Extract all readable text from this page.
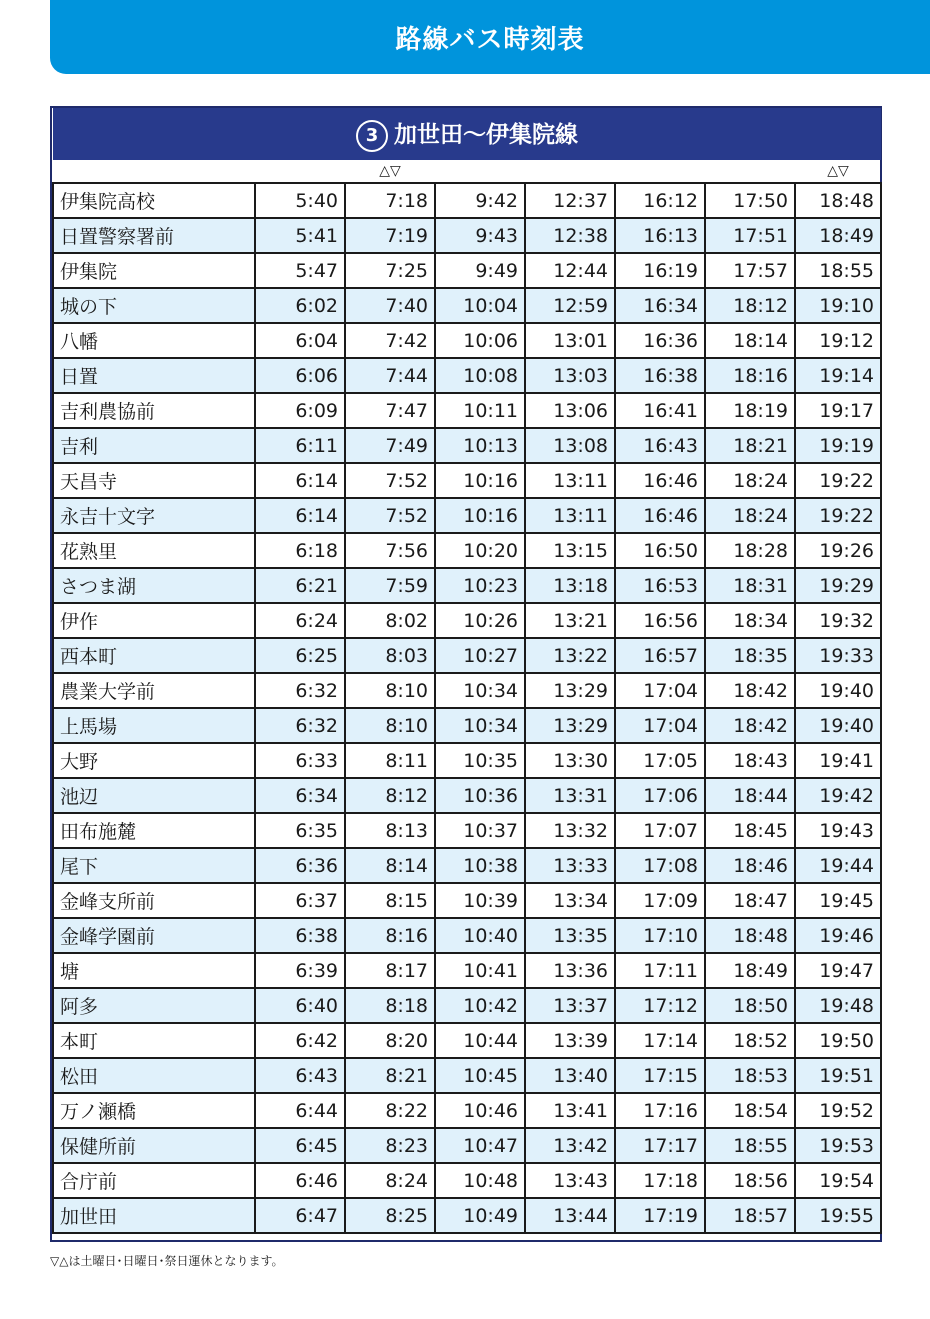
路線バス時刻表
3 加世田〜伊集院線							
		△▽					△▽
伊集院高校	5:40	7:18	9:42	12:37	16:12	17:50	18:48
日置警察署前	5:41	7:19	9:43	12:38	16:13	17:51	18:49
伊集院	5:47	7:25	9:49	12:44	16:19	17:57	18:55
城の下	6:02	7:40	10:04	12:59	16:34	18:12	19:10
八幡	6:04	7:42	10:06	13:01	16:36	18:14	19:12
日置	6:06	7:44	10:08	13:03	16:38	18:16	19:14
吉利農協前	6:09	7:47	10:11	13:06	16:41	18:19	19:17
吉利	6:11	7:49	10:13	13:08	16:43	18:21	19:19
天昌寺	6:14	7:52	10:16	13:11	16:46	18:24	19:22
永吉十文字	6:14	7:52	10:16	13:11	16:46	18:24	19:22
花熟里	6:18	7:56	10:20	13:15	16:50	18:28	19:26
さつま湖	6:21	7:59	10:23	13:18	16:53	18:31	19:29
伊作	6:24	8:02	10:26	13:21	16:56	18:34	19:32
西本町	6:25	8:03	10:27	13:22	16:57	18:35	19:33
農業大学前	6:32	8:10	10:34	13:29	17:04	18:42	19:40
上馬場	6:32	8:10	10:34	13:29	17:04	18:42	19:40
大野	6:33	8:11	10:35	13:30	17:05	18:43	19:41
池辺	6:34	8:12	10:36	13:31	17:06	18:44	19:42
田布施麓	6:35	8:13	10:37	13:32	17:07	18:45	19:43
尾下	6:36	8:14	10:38	13:33	17:08	18:46	19:44
金峰支所前	6:37	8:15	10:39	13:34	17:09	18:47	19:45
金峰学園前	6:38	8:16	10:40	13:35	17:10	18:48	19:46
塘	6:39	8:17	10:41	13:36	17:11	18:49	19:47
阿多	6:40	8:18	10:42	13:37	17:12	18:50	19:48
本町	6:42	8:20	10:44	13:39	17:14	18:52	19:50
松田	6:43	8:21	10:45	13:40	17:15	18:53	19:51
万ノ瀬橋	6:44	8:22	10:46	13:41	17:16	18:54	19:52
保健所前	6:45	8:23	10:47	13:42	17:17	18:55	19:53
合庁前	6:46	8:24	10:48	13:43	17:18	18:56	19:54
加世田	6:47	8:25	10:49	13:44	17:19	18:57	19:55
▽△は土曜日･日曜日･祭日運休となります。
